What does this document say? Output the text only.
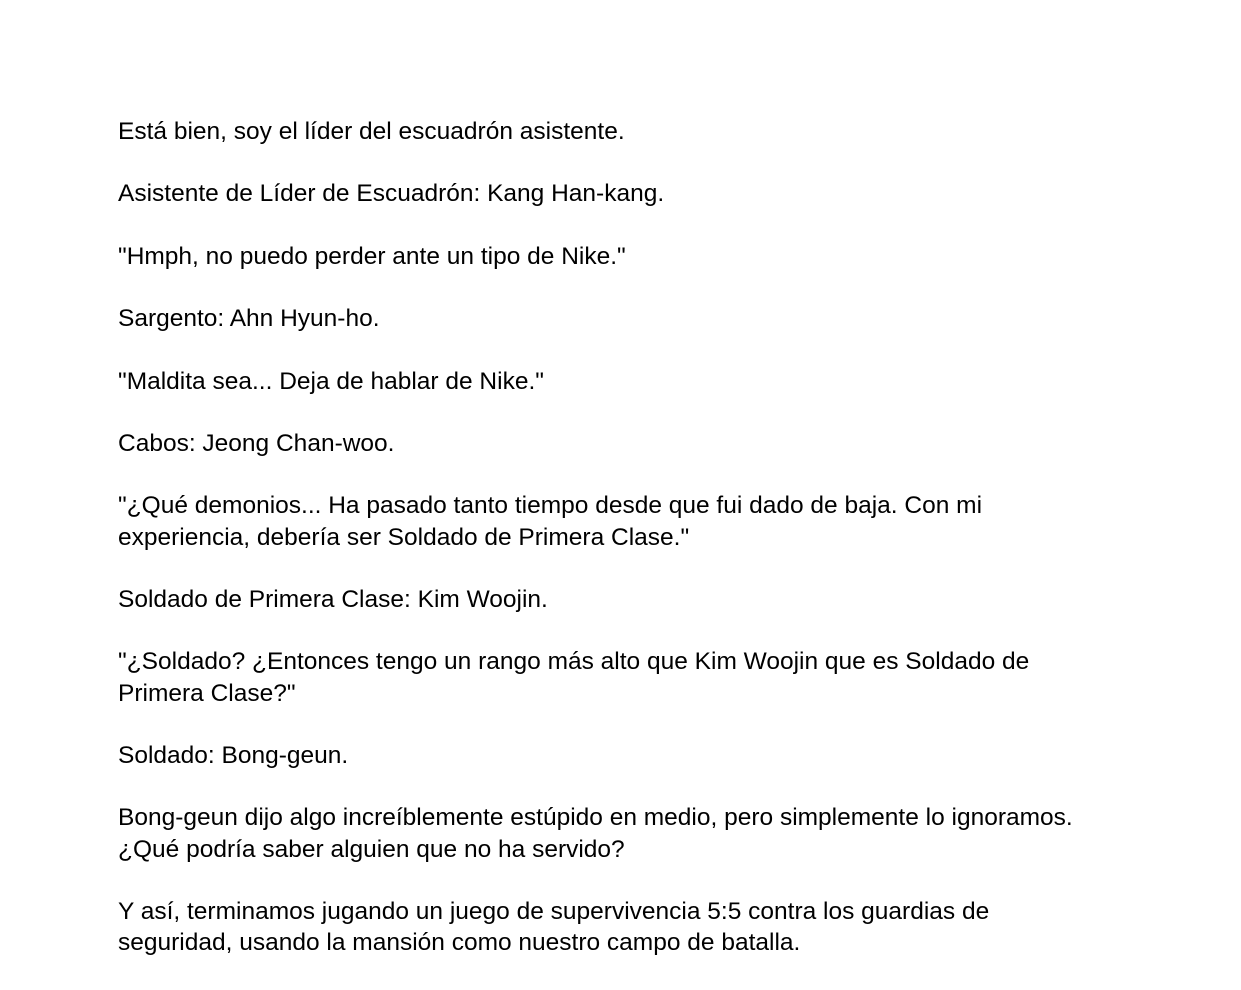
Está bien, soy el líder del escuadrón asistente.

Asistente de Líder de Escuadrón: Kang Han-kang.

"Hmph, no puedo perder ante un tipo de Nike."

Sargento: Ahn Hyun-ho.

"Maldita sea... Deja de hablar de Nike."

Cabos: Jeong Chan-woo.

"¿Qué demonios... Ha pasado tanto tiempo desde que fui dado de baja. Con mi experiencia, debería ser Soldado de Primera Clase."

Soldado de Primera Clase: Kim Woojin.

"¿Soldado? ¿Entonces tengo un rango más alto que Kim Woojin que es Soldado de Primera Clase?"

Soldado: Bong-geun.

Bong-geun dijo algo increíblemente estúpido en medio, pero simplemente lo ignoramos. ¿Qué podría saber alguien que no ha servido?

Y así, terminamos jugando un juego de supervivencia 5:5 contra los guardias de seguridad, usando la mansión como nuestro campo de batalla.
